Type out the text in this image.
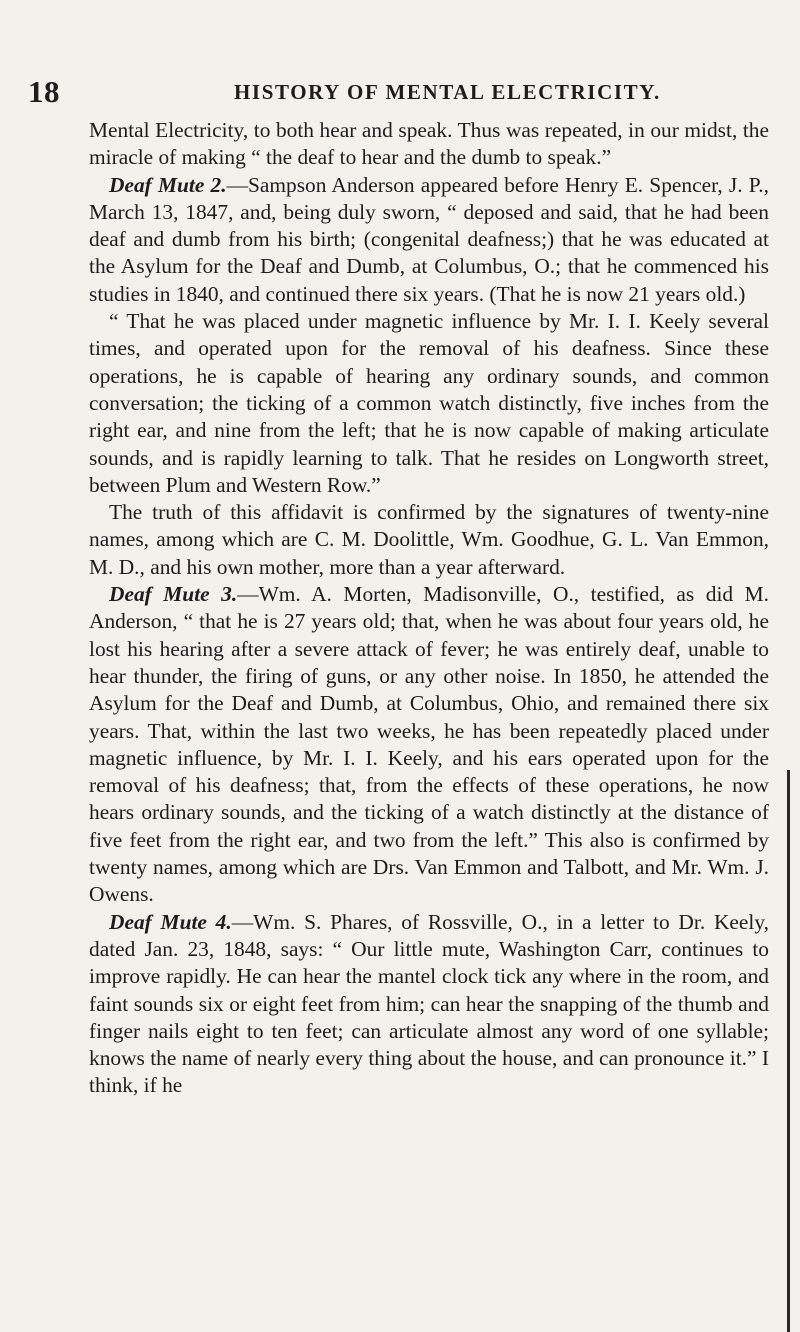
18	HISTORY OF MENTAL ELECTRICITY.

Mental Electricity, to both hear and speak. Thus was repeated, in our midst, the miracle of making “ the deaf to hear and the dumb to speak.”

Deaf Mute 2.—Sampson Anderson appeared before Henry E. Spencer, J. P., March 13, 1847, and, being duly sworn, “ deposed and said, that he had been deaf and dumb from his birth; (congenital deafness;) that he was educated at the Asylum for the Deaf and Dumb, at Columbus, O.; that he commenced his studies in 1840, and continued there six years. (That he is now 21 years old.)

“ That he was placed under magnetic influence by Mr. I. I. Keely several times, and operated upon for the removal of his deafness. Since these operations, he is capable of hearing any ordinary sounds, and common conversation; the ticking of a common watch distinctly, five inches from the right ear, and nine from the left; that he is now capable of making articulate sounds, and is rapidly learning to talk. That he resides on Longworth street, between Plum and Western Row.”

The truth of this affidavit is confirmed by the signatures of twenty-nine names, among which are C. M. Doolittle, Wm. Goodhue, G. L. Van Emmon, M. D., and his own mother, more than a year afterward.

Deaf Mute 3.—Wm. A. Morten, Madisonville, O., testified, as did M. Anderson, “ that he is 27 years old; that, when he was about four years old, he lost his hearing after a severe attack of fever; he was entirely deaf, unable to hear thunder, the firing of guns, or any other noise. In 1850, he attended the Asylum for the Deaf and Dumb, at Columbus, Ohio, and remained there six years. That, within the last two weeks, he has been repeatedly placed under magnetic influence, by Mr. I. I. Keely, and his ears operated upon for the removal of his deafness; that, from the effects of these operations, he now hears ordinary sounds, and the ticking of a watch distinctly at the distance of five feet from the right ear, and two from the left.” This also is confirmed by twenty names, among which are Drs. Van Emmon and Talbott, and Mr. Wm. J. Owens.

Deaf Mute 4.—Wm. S. Phares, of Rossville, O., in a letter to Dr. Keely, dated Jan. 23, 1848, says: “ Our little mute, Washington Carr, continues to improve rapidly. He can hear the mantel clock tick any where in the room, and faint sounds six or eight feet from him; can hear the snapping of the thumb and finger nails eight to ten feet; can articulate almost any word of one syllable; knows the name of nearly every thing about the house, and can pronounce it.” I think, if he
